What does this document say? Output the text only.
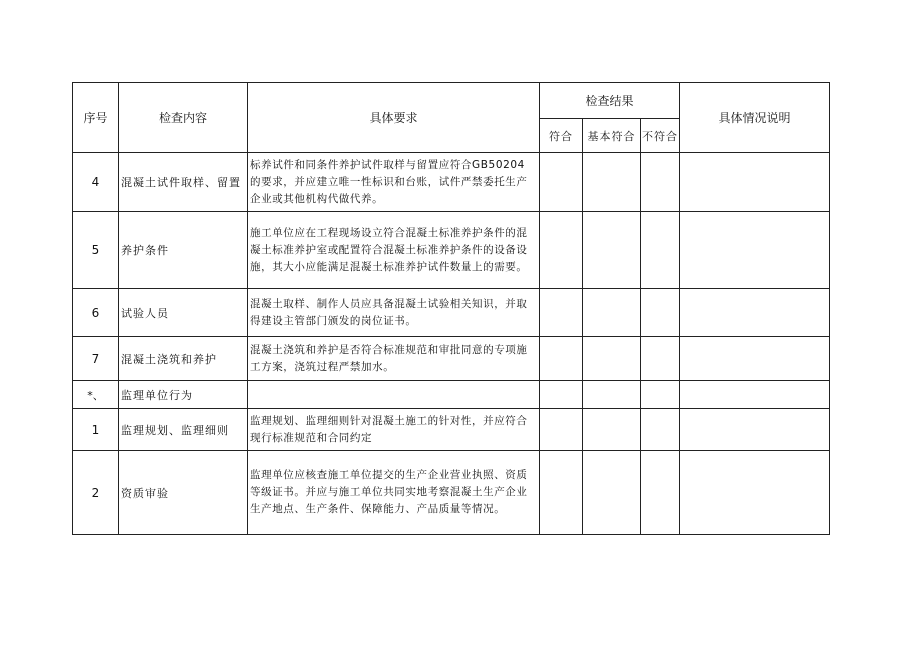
序号	检查内容	具体要求	检查结果			具体情况说明
			符合	基本符合	不符合	
4	混凝土试件取样、留置	标养试件和同条件养护试件取样与留置应符合GB50204的要求，并应建立唯一性标识和台账，试件严禁委托生产企业或其他机构代做代养。				
5	养护条件	施工单位应在工程现场设立符合混凝土标准养护条件的混凝土标准养护室或配置符合混凝土标准养护条件的设备设施，其大小应能满足混凝土标准养护试件数量上的需要。				
6	试验人员	混凝土取样、制作人员应具备混凝土试验相关知识，并取得建设主管部门颁发的岗位证书。				
7	混凝土浇筑和养护	混凝土浇筑和养护是否符合标准规范和审批同意的专项施工方案，浇筑过程严禁加水。				
*、	监理单位行为					
1	监理规划、监理细则	监理规划、监理细则针对混凝土施工的针对性，并应符合现行标准规范和合同约定				
2	资质审验	监理单位应核查施工单位提交的生产企业营业执照、资质等级证书。并应与施工单位共同实地考察混凝土生产企业生产地点、生产条件、保障能力、产品质量等情况。				
